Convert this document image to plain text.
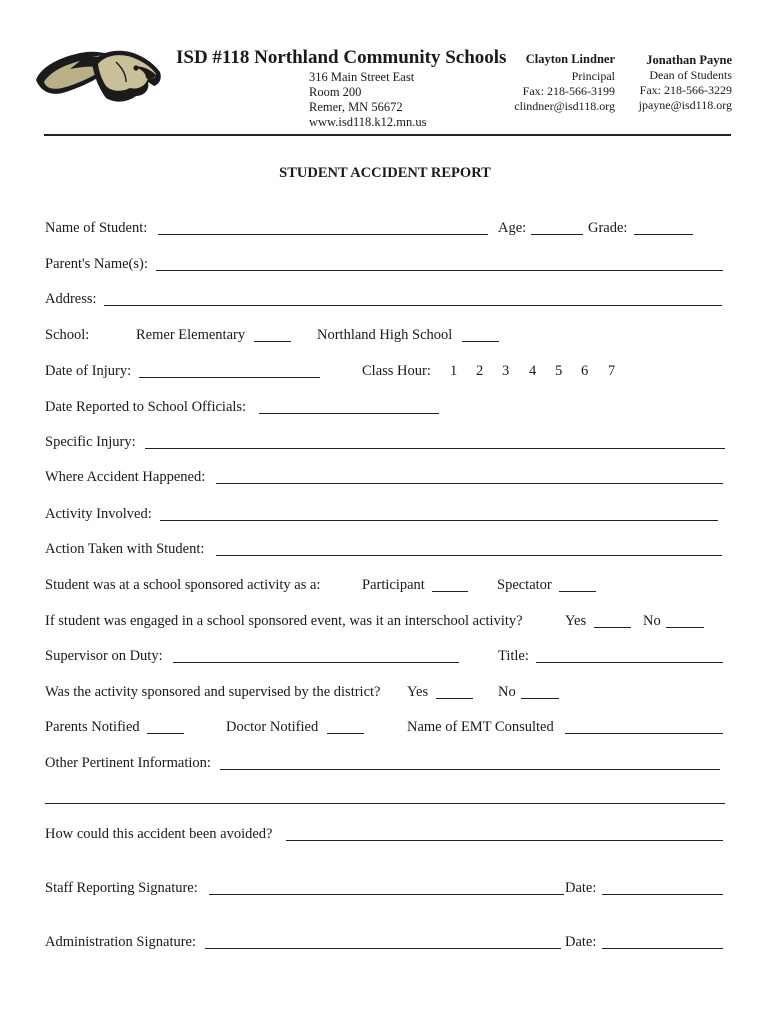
ISD #118 Northland Community Schools
316 Main Street East
Room 200
Remer, MN 56672
www.isd118.k12.mn.us
Clayton Lindner
Principal
Fax: 218-566-3199
clindner@isd118.org
Jonathan Payne
Dean of Students
Fax: 218-566-3229
jpayne@isd118.org
STUDENT ACCIDENT REPORT
Name of Student:	Age:	Grade:
Parent's Name(s):
Address:
School:	Remer Elementary	Northland High School
Date of Injury:	Class Hour: 1 2 3 4 5 6 7
Date Reported to School Officials:
Specific Injury:
Where Accident Happened:
Activity Involved:
Action Taken with Student:
Student was at a school sponsored activity as a:	Participant	Spectator
If student was engaged in a school sponsored event, was it an interschool activity?	Yes	No
Supervisor on Duty:	Title:
Was the activity sponsored and supervised by the district? Yes	No
Parents Notified	Doctor Notified	Name of EMT Consulted
Other Pertinent Information:
How could this accident been avoided?
Staff Reporting Signature:	Date:
Administration Signature:	Date:
